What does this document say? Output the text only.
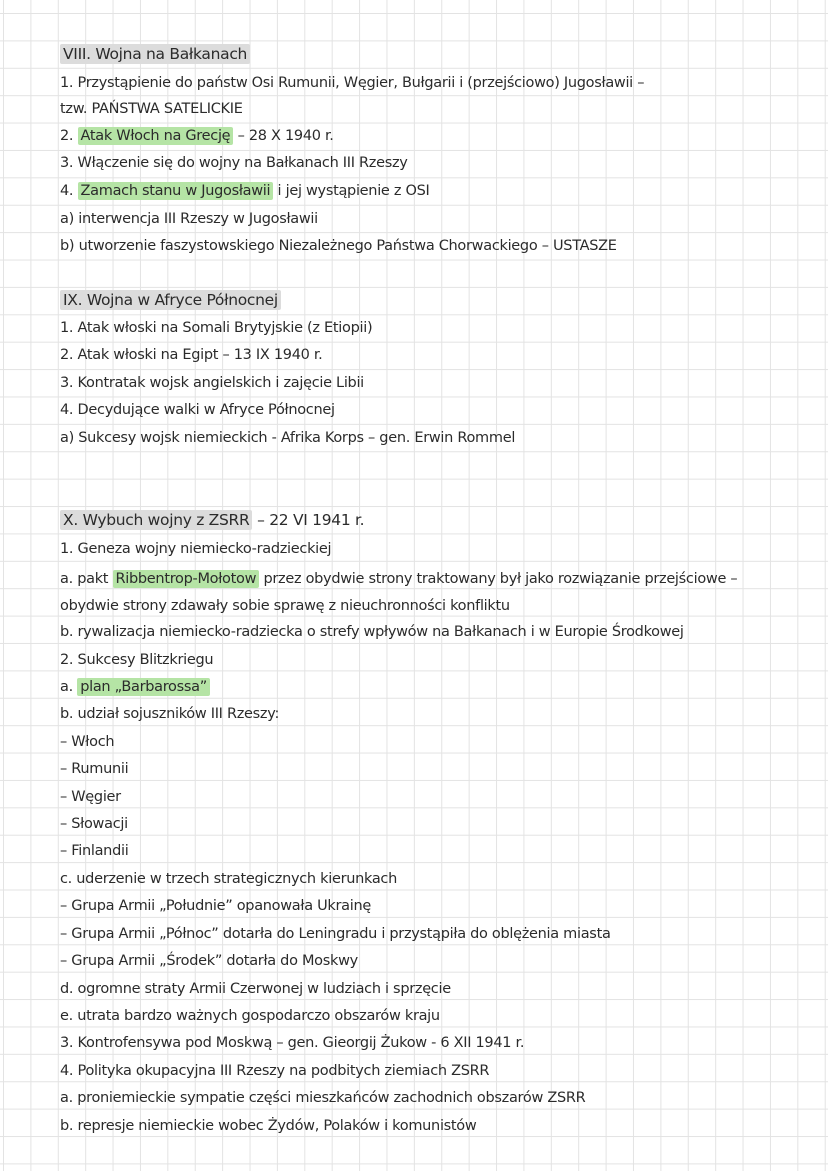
VIII. Wojna na Bałkanach
1. Przystąpienie do państw Osi Rumunii, Węgier, Bułgarii i (przejściowo) Jugosławii –
tzw. PAŃSTWA SATELICKIE
2. Atak Włoch na Grecję – 28 X 1940 r.
3. Włączenie się do wojny na Bałkanach III Rzeszy
4. Zamach stanu w Jugosławii i jej wystąpienie z OSI
a) interwencja III Rzeszy w Jugosławii
b) utworzenie faszystowskiego Niezależnego Państwa Chorwackiego – USTASZE
IX. Wojna w Afryce Północnej
1. Atak włoski na Somali Brytyjskie (z Etiopii)
2. Atak włoski na Egipt – 13 IX 1940 r.
3. Kontratak wojsk angielskich i zajęcie Libii
4. Decydujące walki w Afryce Północnej
a) Sukcesy wojsk niemieckich - Afrika Korps – gen. Erwin Rommel
X. Wybuch wojny z ZSRR – 22 VI 1941 r.
1. Geneza wojny niemiecko-radzieckiej
a. pakt Ribbentrop-Mołotow przez obydwie strony traktowany był jako rozwiązanie przejściowe – obydwie strony zdawały sobie sprawę z nieuchronności konfliktu
b. rywalizacja niemiecko-radziecka o strefy wpływów na Bałkanach i w Europie Środkowej
2. Sukcesy Blitzkriegu
a. plan „Barbarossa”
b. udział sojuszników III Rzeszy:
– Włoch
– Rumunii
– Węgier
– Słowacji
– Finlandii
c. uderzenie w trzech strategicznych kierunkach
– Grupa Armii „Południe” opanowała Ukrainę
– Grupa Armii „Północ” dotarła do Leningradu i przystąpiła do oblężenia miasta
– Grupa Armii „Środek” dotarła do Moskwy
d. ogromne straty Armii Czerwonej w ludziach i sprzęcie
e. utrata bardzo ważnych gospodarczo obszarów kraju
3. Kontrofensywa pod Moskwą – gen. Gieorgij Żukow - 6 XII 1941 r.
4. Polityka okupacyjna III Rzeszy na podbitych ziemiach ZSRR
a. proniemieckie sympatie części mieszkańców zachodnich obszarów ZSRR
b. represje niemieckie wobec Żydów, Polaków i komunistów
